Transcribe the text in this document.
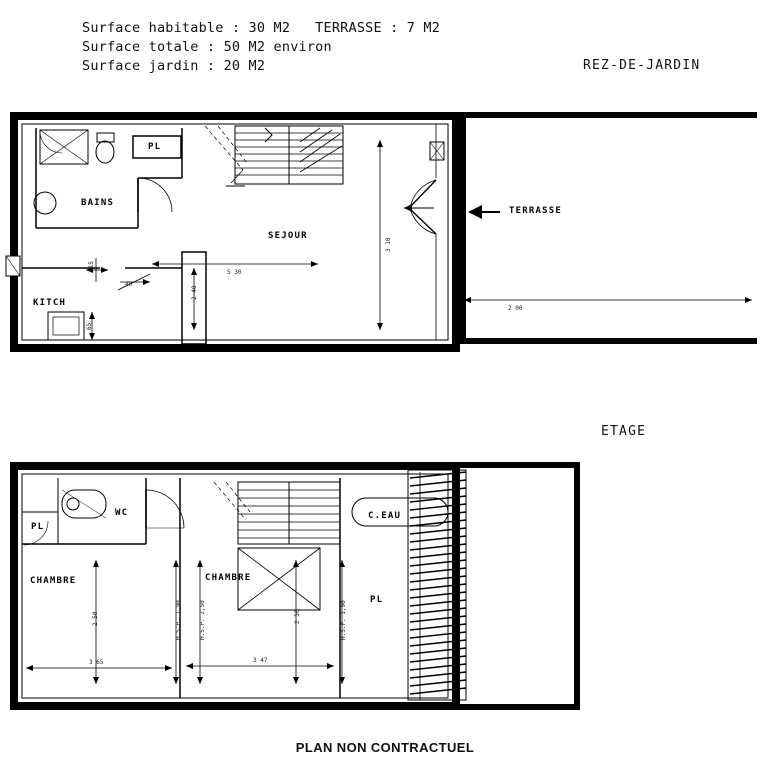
Surface habitable : 30 M2   TERRASSE : 7 M2
Surface totale : 50 M2 environ
Surface jardin : 20 M2	REZ-DE-JARDIN
ETAGE
PLAN NON CONTRACTUEL
PL
BAINS
SEJOUR
TERRASSE
KITCH
115
40
5 30
3 10
2 40
65
2 00
PL
WC	C.EAU
CHAMBRE	CHAMBRE
PL
2 50	H.S.P. 1,90	H.S.P. 2,50	2 50	H.S.P. 1,90
3 65	3 47
